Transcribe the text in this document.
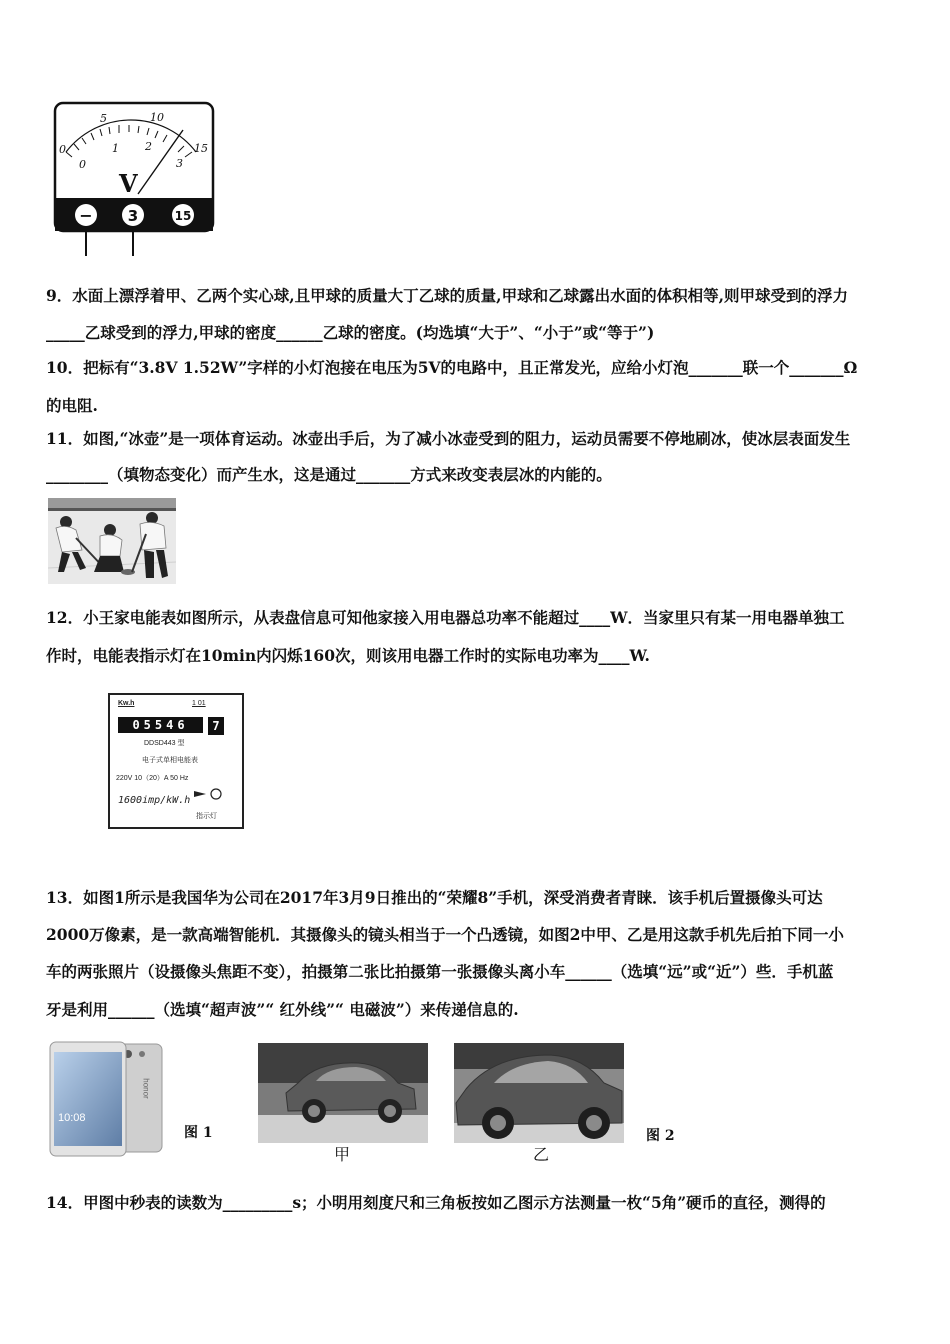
0
5	10
15
0
1 2
3
V
− 3	15
9．水面上漂浮着甲、乙两个实心球,且甲球的质量大丁乙球的质量,甲球和乙球露出水面的体积相等,则甲球受到的浮力
_____乙球受到的浮力,甲球的密度______乙球的密度。(均选填“大于”、“小于”或“等于”)
10．把标有“3.8V 1.52W”字样的小灯泡接在电压为5V的电路中，且正常发光，应给小灯泡_______联一个_______Ω
的电阻.
11．如图,“冰壶”是一项体育运动。冰壶出手后，为了减小冰壶受到的阻力，运动员需要不停地刷冰，使冰层表面发生
________（填物态变化）而产生水，这是通过_______方式来改变表层冰的内能的。
12．小王家电能表如图所示，从表盘信息可知他家接入用电器总功率不能超过____W．当家里只有某一用电器单独工
作时，电能表指示灯在10min内闪烁160次，则该用电器工作时的实际电功率为____W.
Kw.h	1 01
05546	7
DDSD443 型
电子式单相电能表
220V 10（20）A 50 Hz
1600imp/kW.h
指示灯
13．如图1所示是我国华为公司在2017年3月9日推出的“荣耀8”手机，深受消费者青睐．该手机后置摄像头可达
2000万像素，是一款高端智能机．其摄像头的镜头相当于一个凸透镜，如图2中甲、乙是用这款手机先后拍下同一小
车的两张照片（设摄像头焦距不变），拍摄第二张比拍摄第一张摄像头离小车______（选填“远”或“近”）些．手机蓝
牙是利用______（选填“超声波”“ 红外线”“ 电磁波”）来传递信息的.
10:08
honor
图 1
甲	乙
图 2
14．甲图中秒表的读数为_________s；小明用刻度尺和三角板按如乙图示方法测量一枚“5角”硬币的直径，测得的
